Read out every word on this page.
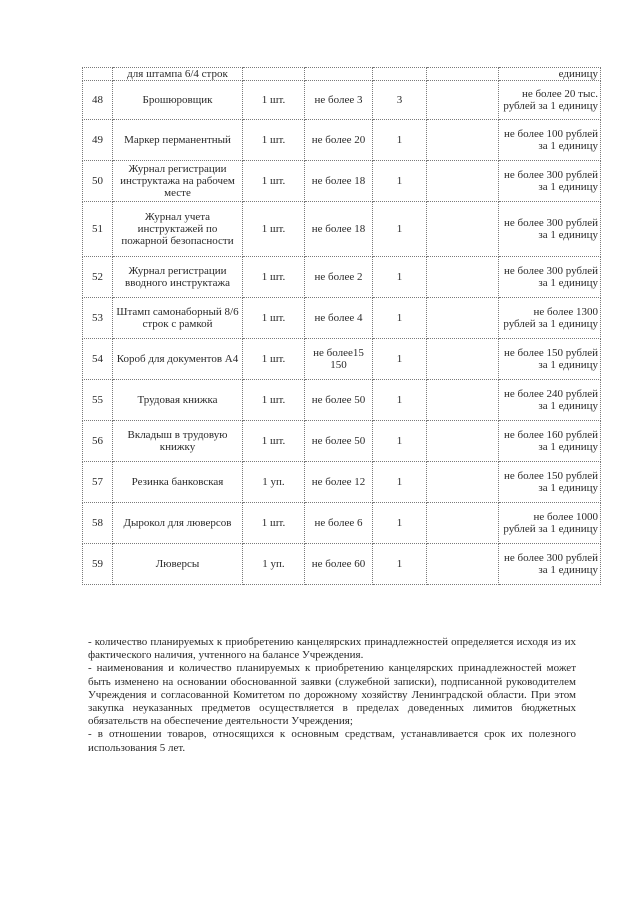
	для штампа 6/4 строк					единицу
48	Брошюровщик	1 шт.	не более 3	3		не более 20 тыс. рублей за 1 единицу
49	Маркер перманентный	1 шт.	не более 20	1		не более 100 рублей за 1 единицу
50	Журнал регистрации инструктажа на рабочем месте	1 шт.	не более 18	1		не более 300 рублей за 1 единицу
51	Журнал учета инструктажей по пожарной безопасности	1 шт.	не более 18	1		не более 300 рублей за 1 единицу
52	Журнал регистрации вводного инструктажа	1 шт.	не более 2	1		не более 300 рублей за 1 единицу
53	Штамп самонаборный 8/6 строк с рамкой	1 шт.	не более 4	1		не более 1300 рублей за 1 единицу
54	Короб для документов А4	1 шт.	не более15 150	1		не более 150 рублей за 1 единицу
55	Трудовая книжка	1 шт.	не более 50	1		не более 240 рублей за 1 единицу
56	Вкладыш в трудовую книжку	1 шт.	не более 50	1		не более 160 рублей за 1 единицу
57	Резинка банковская	1 уп.	не более 12	1		не более 150 рублей за 1 единицу
58	Дырокол для люверсов	1 шт.	не более 6	1		не более 1000 рублей за 1 единицу
59	Люверсы	1 уп.	не более 60	1		не более 300 рублей за 1 единицу

- количество планируемых к приобретению канцелярских принадлежностей определяется исходя из их фактического наличия, учтенного на балансе Учреждения.

- наименования и количество планируемых к приобретению канцелярских принадлежностей может быть изменено на основании обоснованной заявки (служебной записки), подписанной руководителем Учреждения и согласованной Комитетом по дорожному хозяйству Ленинградской области. При этом закупка неуказанных предметов осуществляется в пределах доведенных лимитов бюджетных обязательств на обеспечение деятельности Учреждения;

- в отношении товаров, относящихся к основным средствам, устанавливается срок их полезного использования 5 лет.
